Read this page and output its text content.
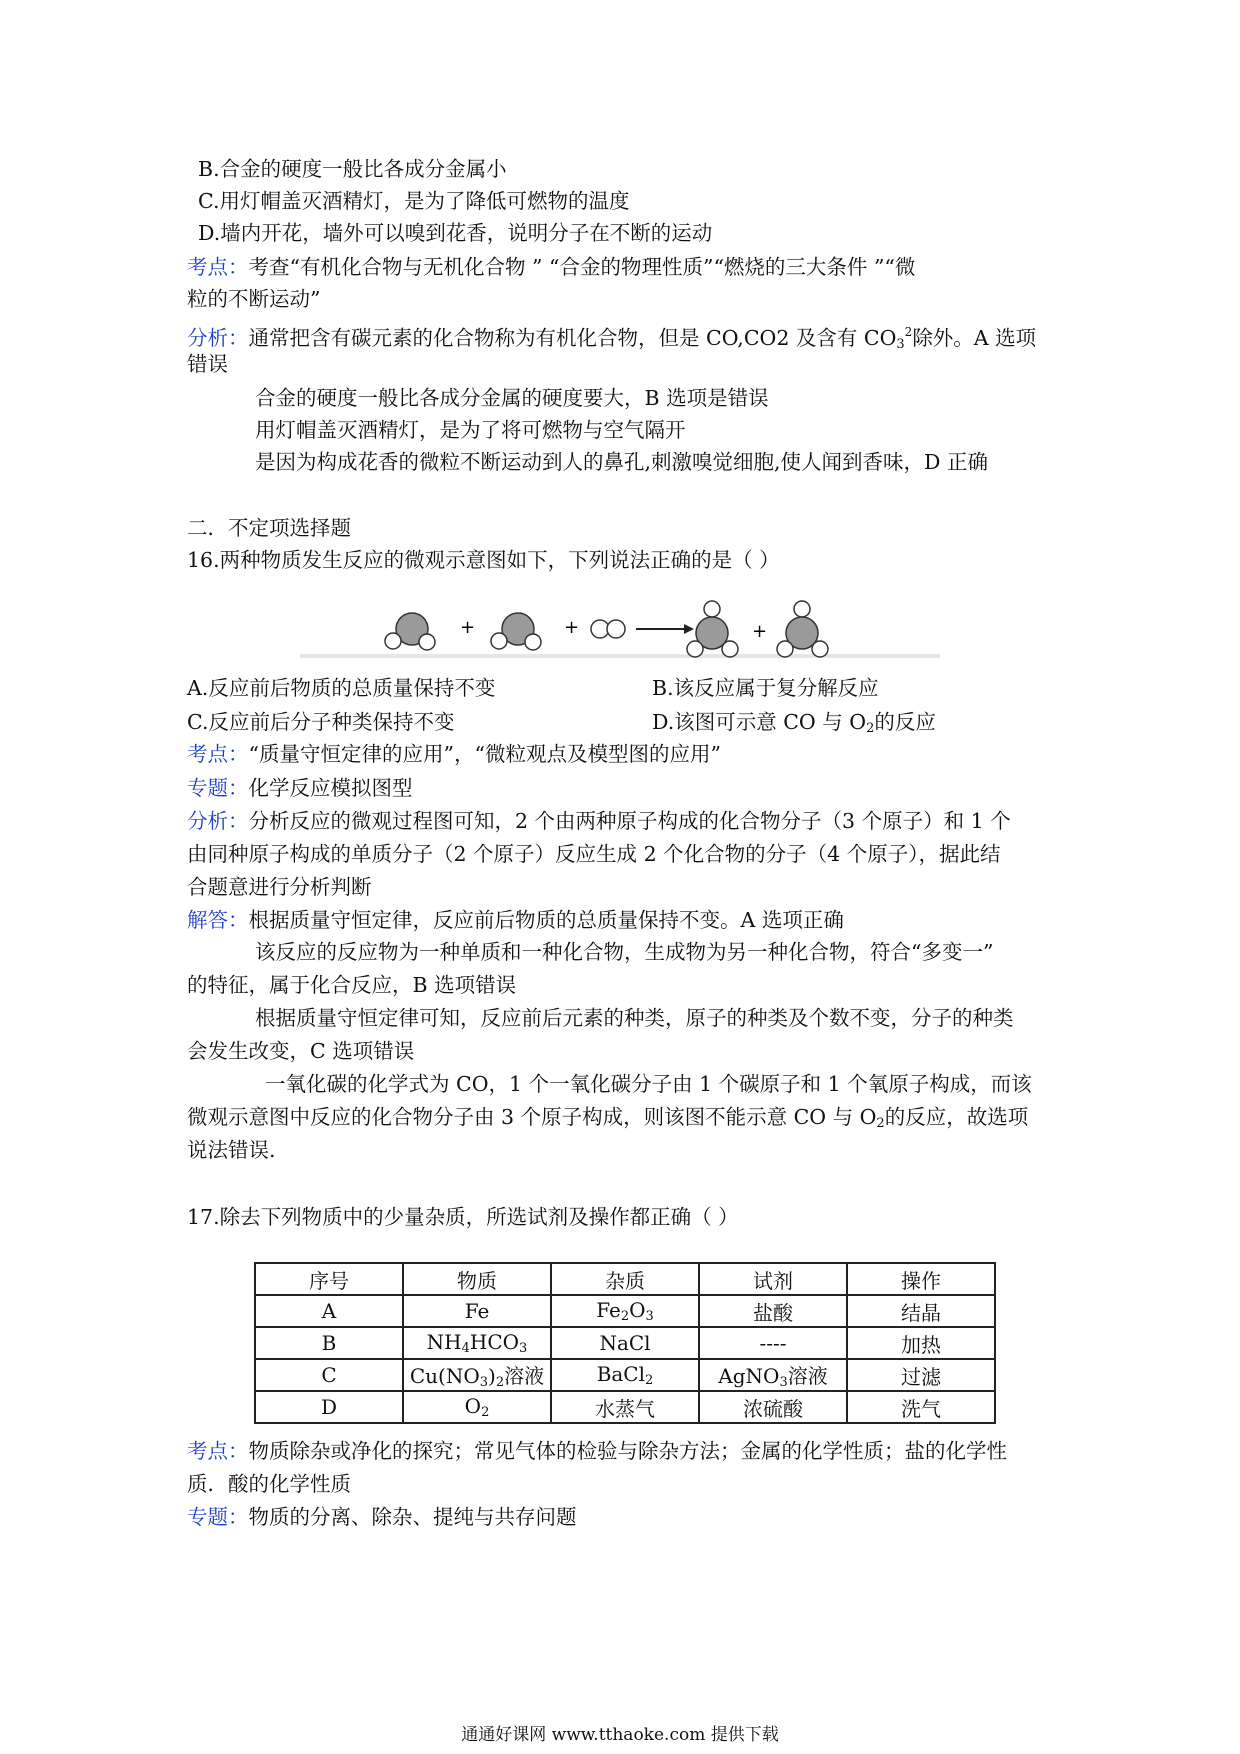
B.合金的硬度一般比各成分金属小
C.用灯帽盖灭酒精灯，是为了降低可燃物的温度
D.墙内开花，墙外可以嗅到花香，说明分子在不断的运动
考点：考查“有机化合物与无机化合物 ” “合金的物理性质”“燃烧的三大条件 ”“微
粒的不断运动”
分析：通常把含有碳元素的化合物称为有机化合物，但是 CO,CO2 及含有 $CO_3^2$除外。A 选项
错误
合金的硬度一般比各成分金属的硬度要大，B 选项是错误
用灯帽盖灭酒精灯，是为了将可燃物与空气隔开
是因为构成花香的微粒不断运动到人的鼻孔,刺激嗅觉细胞,使人闻到香味，D 正确
二．不定项选择题
16.两种物质发生反应的微观示意图如下，下列说法正确的是（ ）
+	+	+
A.反应前后物质的总质量保持不变	B.该反应属于复分解反应
C.反应前后分子种类保持不变	D.该图可示意 CO 与 $O_2$的反应
考点：“质量守恒定律的应用”，“微粒观点及模型图的应用”
专题：化学反应模拟图型
分析：分析反应的微观过程图可知，2 个由两种原子构成的化合物分子（3 个原子）和 1 个
由同种原子构成的单质分子（2 个原子）反应生成 2 个化合物的分子（4 个原子），据此结
合题意进行分析判断
解答：根据质量守恒定律，反应前后物质的总质量保持不变。A 选项正确
该反应的反应物为一种单质和一种化合物，生成物为另一种化合物，符合“多变一”
的特征，属于化合反应，B 选项错误
根据质量守恒定律可知，反应前后元素的种类，原子的种类及个数不变，分子的种类
会发生改变，C 选项错误
一氧化碳的化学式为 CO，1 个一氧化碳分子由 1 个碳原子和 1 个氧原子构成，而该
微观示意图中反应的化合物分子由 3 个原子构成，则该图不能示意 CO 与 $O_2$的反应，故选项
说法错误.
17.除去下列物质中的少量杂质，所选试剂及操作都正确（ ）
序号	物质	杂质	试剂	操作
A	Fe	$Fe_2O_3$	盐酸	结晶
B	$NH_4HCO_3$	NaCl	----	加热
C	$Cu(NO_3)_2$溶液	BaCl$_2$	AgNO$_3$溶液	过滤
D	$O_2$	水蒸气	浓硫酸	洗气
考点：物质除杂或净化的探究；常见气体的检验与除杂方法；金属的化学性质；盐的化学性
质．酸的化学性质
专题：物质的分离、除杂、提纯与共存问题
通通好课网 www.tthaoke.com 提供下载
